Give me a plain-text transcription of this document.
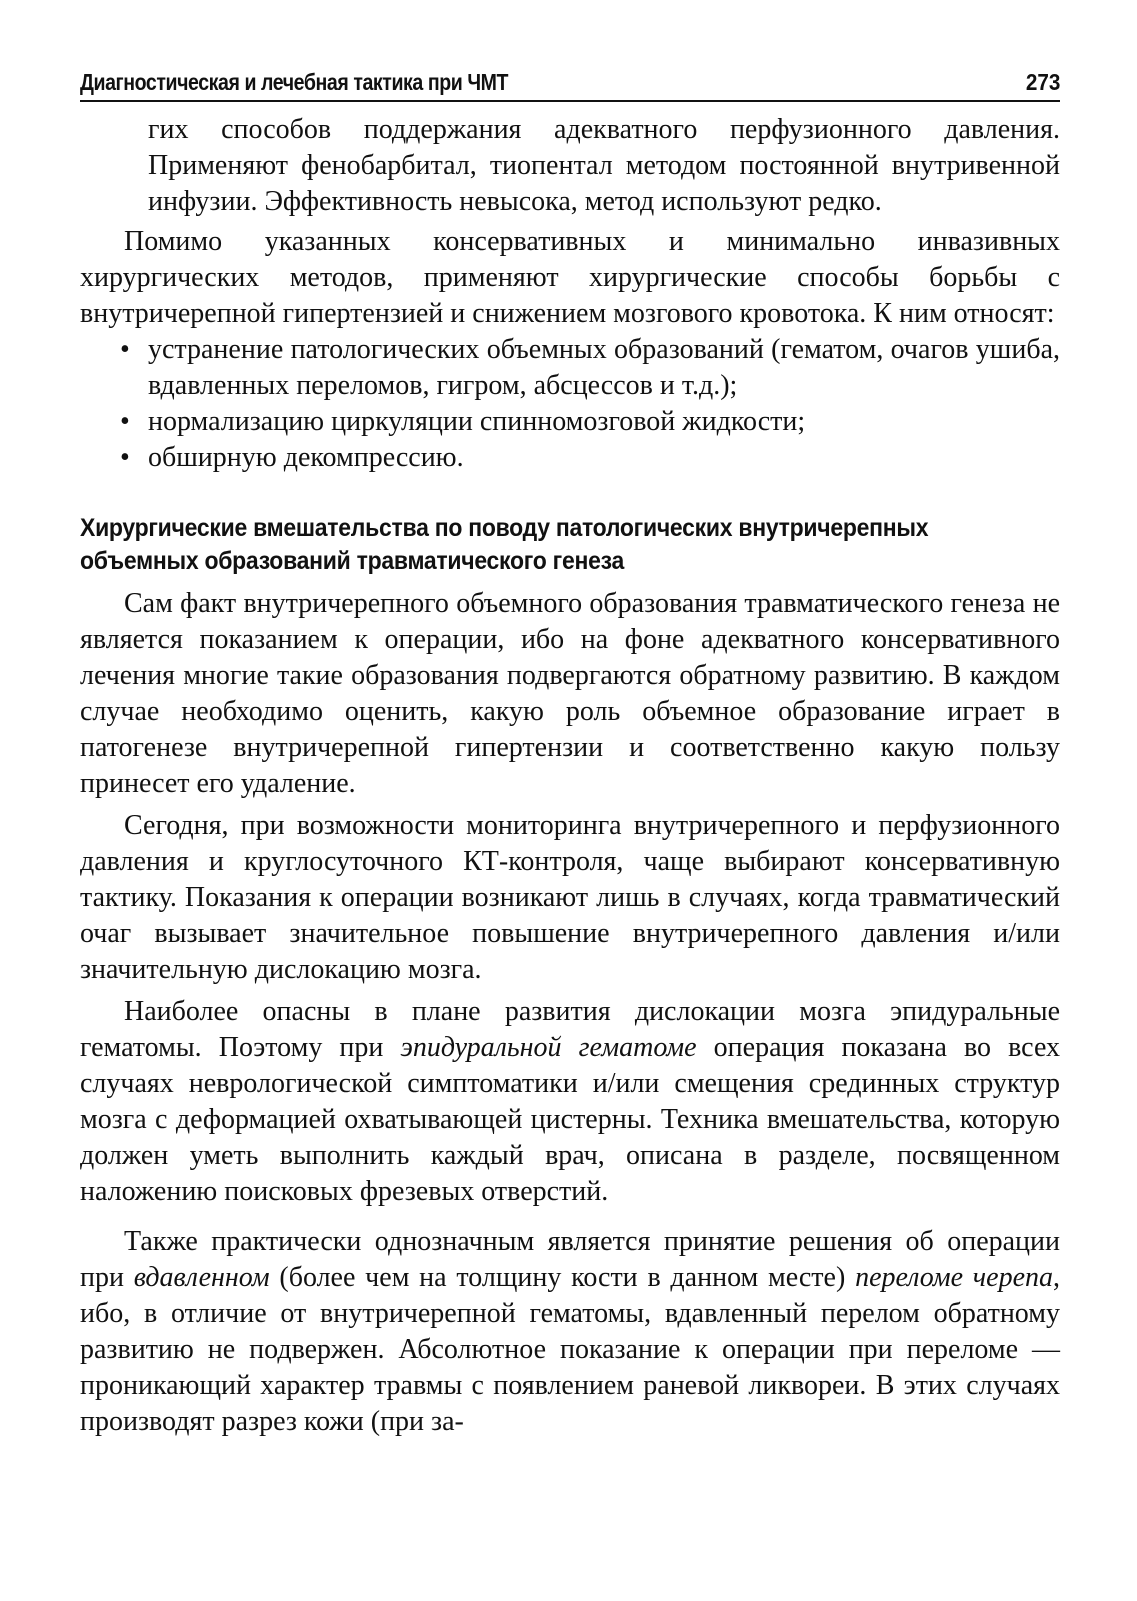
Диагностическая и лечебная тактика при ЧМТ	273

гих способов поддержания адекватного перфузионного давления. Применяют фенобарбитал, тиопентал методом постоянной внутривенной инфузии. Эффективность невысока, метод используют редко.

Помимо указанных консервативных и минимально инвазивных хирургических методов, применяют хирургические способы борьбы с внутричерепной гипертензией и снижением мозгового кровотока. К ним относят:

• устранение патологических объемных образований (гематом, очагов ушиба, вдавленных переломов, гигром, абсцессов и т.д.);
• нормализацию циркуляции спинномозговой жидкости;
• обширную декомпрессию.
Хирургические вмешательства по поводу патологических внутричерепных
объемных образований травматического генеза

Сам факт внутричерепного объемного образования травматического генеза не является показанием к операции, ибо на фоне адекватного консервативного лечения многие такие образования подвергаются обратному развитию. В каждом случае необходимо оценить, какую роль объемное образование играет в патогенезе внутричерепной гипертензии и соответственно какую пользу принесет его удаление.

Сегодня, при возможности мониторинга внутричерепного и перфузионного давления и круглосуточного КТ-контроля, чаще выбирают консервативную тактику. Показания к операции возникают лишь в случаях, когда травматический очаг вызывает значительное повышение внутричерепного давления и/или значительную дислокацию мозга.

Наиболее опасны в плане развития дислокации мозга эпидуральные гематомы. Поэтому при эпидуральной гематоме операция показана во всех случаях неврологической симптоматики и/или смещения срединных структур мозга с деформацией охватывающей цистерны. Техника вмешательства, которую должен уметь выполнить каждый врач, описана в разделе, посвященном наложению поисковых фрезевых отверстий.

Также практически однозначным является принятие решения об операции при вдавленном (более чем на толщину кости в данном месте) переломе черепа, ибо, в отличие от внутричерепной гематомы, вдавленный перелом обратному развитию не подвержен. Абсолютное показание к операции при переломе — проникающий характер травмы с появлением раневой ликвореи. В этих случаях производят разрез кожи (при за-
